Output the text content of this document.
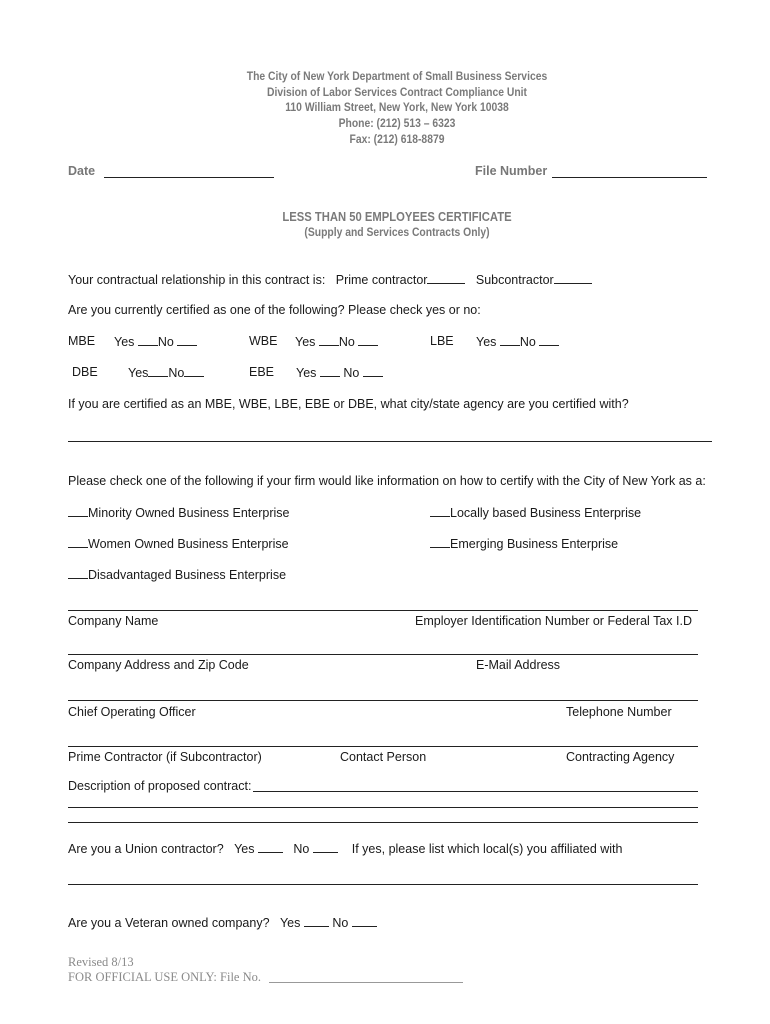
The City of New York Department of Small Business Services
Division of Labor Services Contract Compliance Unit
110 William Street, New York, New York 10038
Phone: (212) 513 – 6323
Fax: (212) 618-8879
Date	File Number
LESS THAN 50 EMPLOYEES CERTIFICATE
(Supply and Services Contracts Only)
Your contractual relationship in this contract is: Prime contractor	Subcontractor
Are you currently certified as one of the following? Please check yes or no:
MBE Yes No	WBE Yes No	LBE Yes No
DBE Yes No	EBE Yes No
If you are certified as an MBE, WBE, LBE, EBE or DBE, what city/state agency are you certified with?
Please check one of the following if your firm would like information on how to certify with the City of New York as a:
Minority Owned Business Enterprise	Locally based Business Enterprise
Women Owned Business Enterprise	Emerging Business Enterprise
Disadvantaged Business Enterprise
Company Name	Employer Identification Number or Federal Tax I.D
Company Address and Zip Code	E-Mail Address
Chief Operating Officer	Telephone Number
Prime Contractor (if Subcontractor)	Contact Person	Contracting Agency
Description of proposed contract:
Are you a Union contractor? Yes	No	If yes, please list which local(s) you affiliated with
Are you a Veteran owned company? Yes	No
Revised 8/13
FOR OFFICIAL USE ONLY: File No.
